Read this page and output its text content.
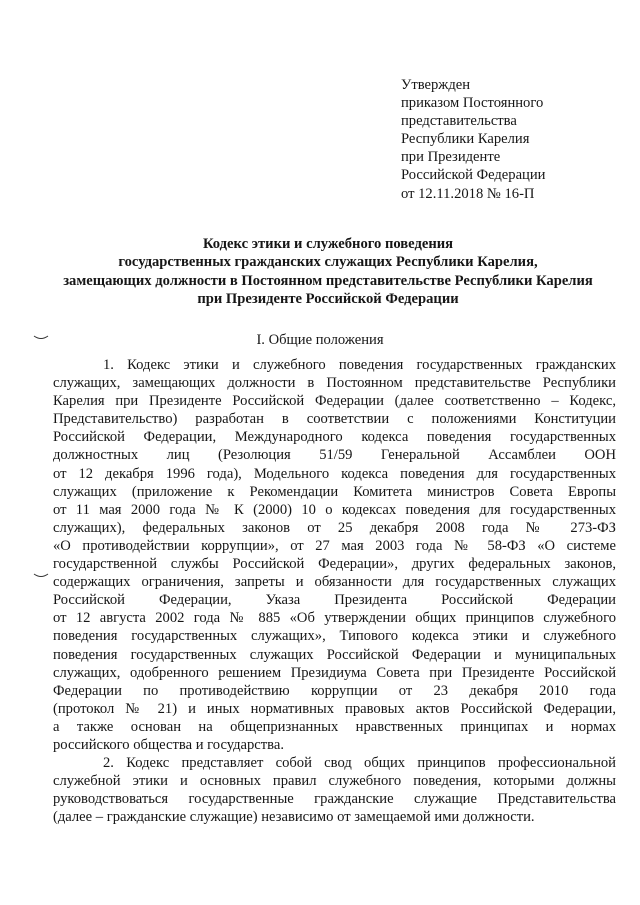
Утвержден
приказом Постоянного
представительства
Республики Карелия
при Президенте
Российской Федерации
от 12.11.2018 № 16-П
Кодекс этики и служебного поведения
государственных гражданских служащих Республики Карелия,
замещающих должности в Постоянном представительстве Республики Карелия
при Президенте Российской Федерации
I. Общие положения
1. Кодекс этики и служебного поведения государственных гражданских
служащих, замещающих должности в Постоянном представительстве Республики
Карелия при Президенте Российской Федерации (далее соответственно – Кодекс,
Представительство) разработан в соответствии с положениями Конституции
Российской Федерации, Международного кодекса поведения государственных
должностных лиц (Резолюция 51/59 Генеральной Ассамблеи ООН
от 12 декабря 1996 года), Модельного кодекса поведения для государственных
служащих (приложение к Рекомендации Комитета министров Совета Европы
от 11 мая 2000 года № К (2000) 10 о кодексах поведения для государственных
служащих), федеральных законов от 25 декабря 2008 года № 273-ФЗ
«О противодействии коррупции», от 27 мая 2003 года № 58-ФЗ «О системе
государственной службы Российской Федерации», других федеральных законов,
содержащих ограничения, запреты и обязанности для государственных служащих
Российской Федерации, Указа Президента Российской Федерации
от 12 августа 2002 года № 885 «Об утверждении общих принципов служебного
поведения государственных служащих», Типового кодекса этики и служебного
поведения государственных служащих Российской Федерации и муниципальных
служащих, одобренного решением Президиума Совета при Президенте Российской
Федерации по противодействию коррупции от 23 декабря 2010 года
(протокол № 21) и иных нормативных правовых актов Российской Федерации,
а также основан на общепризнанных нравственных принципах и нормах
российского общества и государства.
2. Кодекс представляет собой свод общих принципов профессиональной
служебной этики и основных правил служебного поведения, которыми должны
руководствоваться государственные гражданские служащие Представительства
(далее – гражданские служащие) независимо от замещаемой ими должности.
